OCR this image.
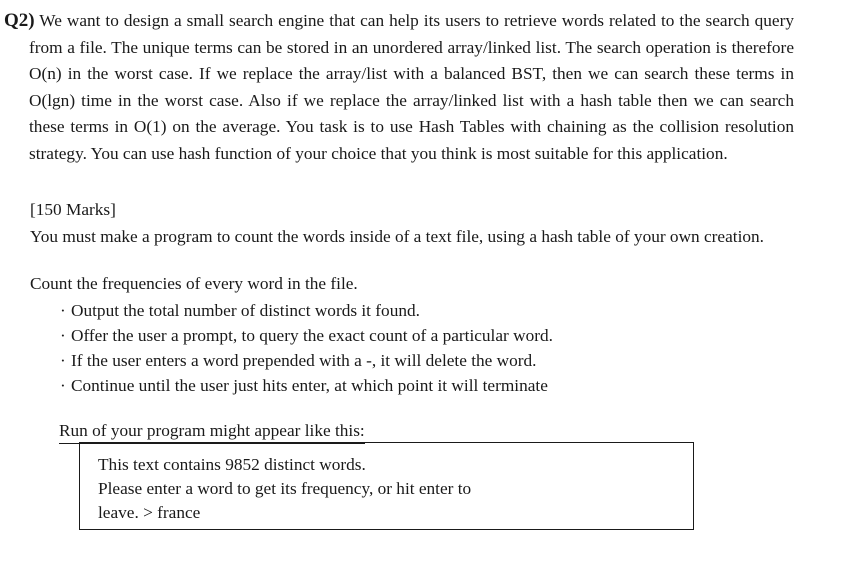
Q2) We want to design a small search engine that can help its users to retrieve words related to the search query from a file. The unique terms can be stored in an unordered array/linked list. The search operation is therefore O(n) in the worst case. If we replace the array/list with a balanced BST, then we can search these terms in O(lgn) time in the worst case. Also if we replace the array/linked list with a hash table then we can search these terms in O(1) on the average. You task is to use Hash Tables with chaining as the collision resolution strategy. You can use hash function of your choice that you think is most suitable for this application.

[150 Marks]
You must make a program to count the words inside of a text file, using a hash table of your own creation.
Count the frequencies of every word in the file.
· Output the total number of distinct words it found.
· Offer the user a prompt, to query the exact count of a particular word.
· If the user enters a word prepended with a -, it will delete the word.
· Continue until the user just hits enter, at which point it will terminate
Run of your program might appear like this:
This text contains 9852 distinct words.
Please enter a word to get its frequency, or hit enter to
leave. > france
